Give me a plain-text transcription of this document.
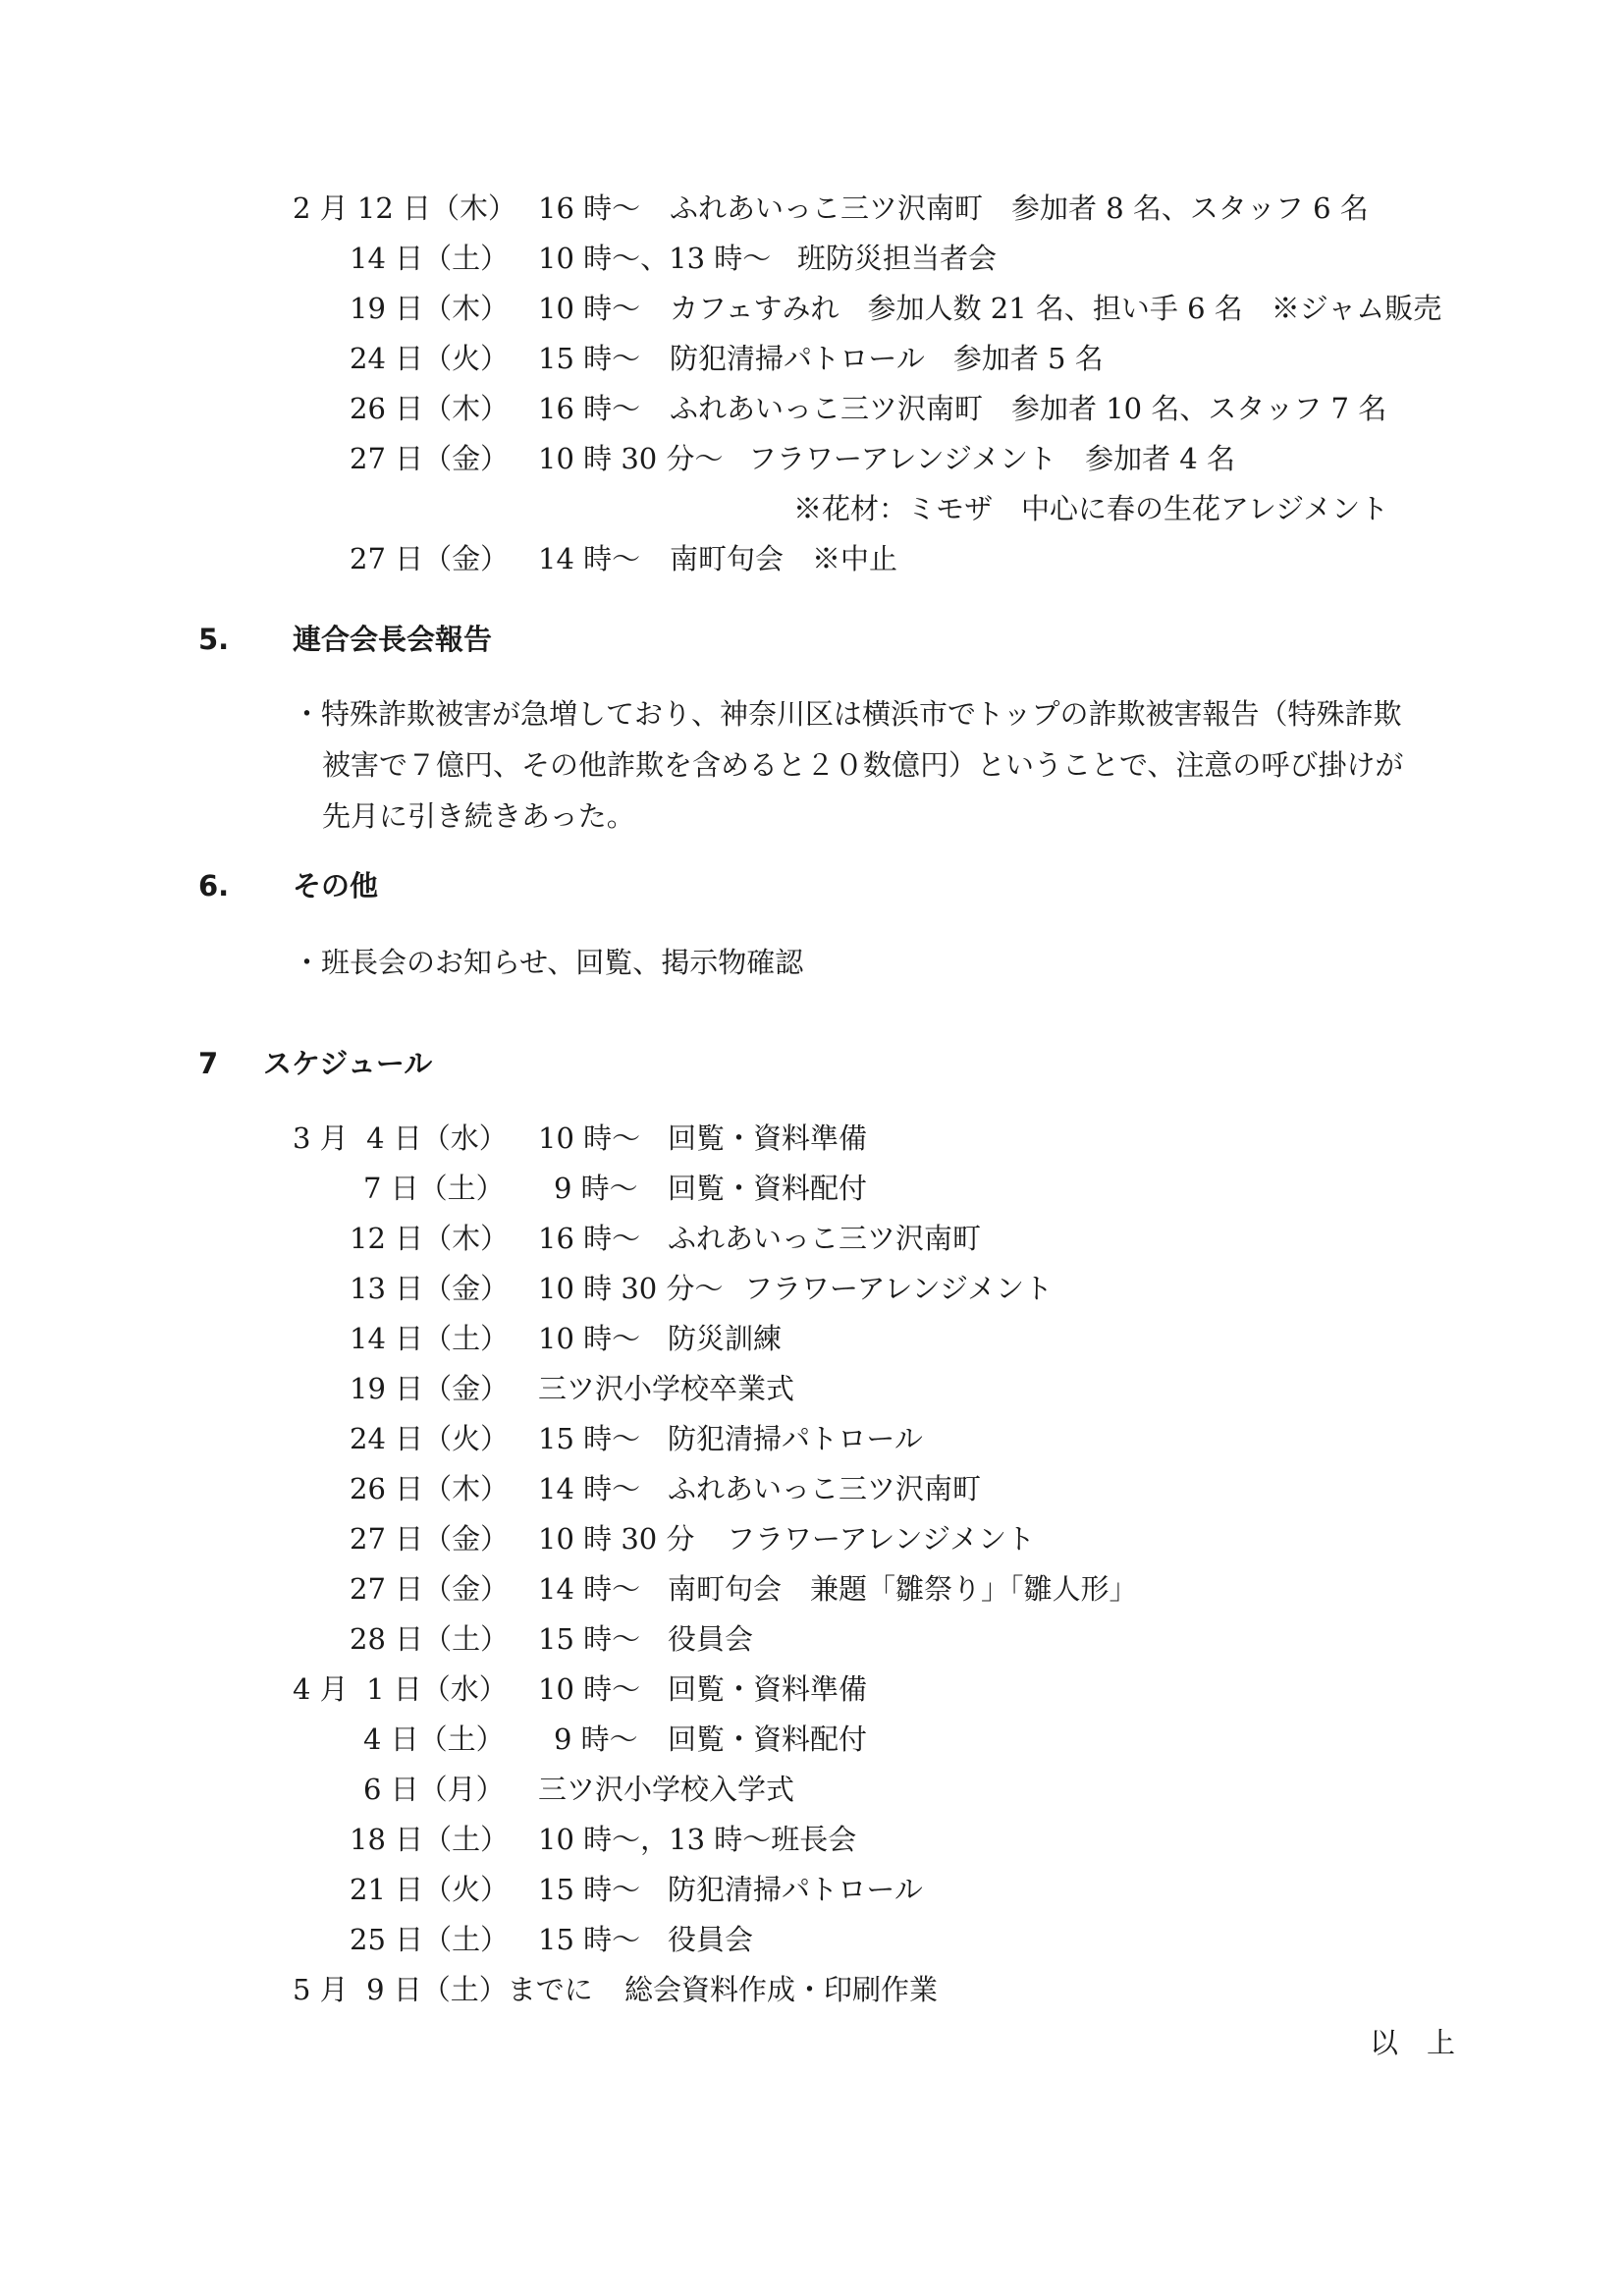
2 月 12 日（木） 16 時～ ふれあいっこ三ツ沢南町　参加者 8 名、スタッフ 6 名
14 日（土） 10 時～、13 時～ 班防災担当者会
19 日（木） 10 時～ カフェすみれ　参加人数 21 名、担い手 6 名　※ジャム販売
24 日（火） 15 時～ 防犯清掃パトロール　参加者 5 名
26 日（木） 16 時～ ふれあいっこ三ツ沢南町　参加者 10 名、スタッフ 7 名
27 日（金） 10 時 30 分～ フラワーアレンジメント　参加者 4 名
※花材：ミモザ　中心に春の生花アレジメント
27 日（金） 14 時～ 南町句会　※中止
5. 連合会長会報告
・特殊詐欺被害が急増しており、神奈川区は横浜市でトップの詐欺被害報告（特殊詐欺
被害で７億円、その他詐欺を含めると２０数億円）ということで、注意の呼び掛けが
先月に引き続きあった。
6. その他
・班長会のお知らせ、回覧、掲示物確認
7 スケジュール
3 月  4 日（水） 10 時～ 回覧・資料準備
7 日（土） 9 時～ 回覧・資料配付
12 日（木） 16 時～ ふれあいっこ三ツ沢南町
13 日（金） 10 時 30 分～ フラワーアレンジメント
14 日（土） 10 時～ 防災訓練
19 日（金） 三ツ沢小学校卒業式
24 日（火） 15 時～ 防犯清掃パトロール
26 日（木） 14 時～ ふれあいっこ三ツ沢南町
27 日（金） 10 時 30 分 フラワーアレンジメント
27 日（金） 14 時～ 南町句会　兼題「雛祭り」「雛人形」
28 日（土） 15 時～ 役員会
4 月  1 日（水） 10 時～ 回覧・資料準備
4 日（土） 9 時～ 回覧・資料配付
6 日（月） 三ツ沢小学校入学式
18 日（土） 10 時～，13 時～班長会
21 日（火） 15 時～ 防犯清掃パトロール
25 日（土） 15 時～ 役員会
5 月  9 日（土）までに 総会資料作成・印刷作業
以　上
